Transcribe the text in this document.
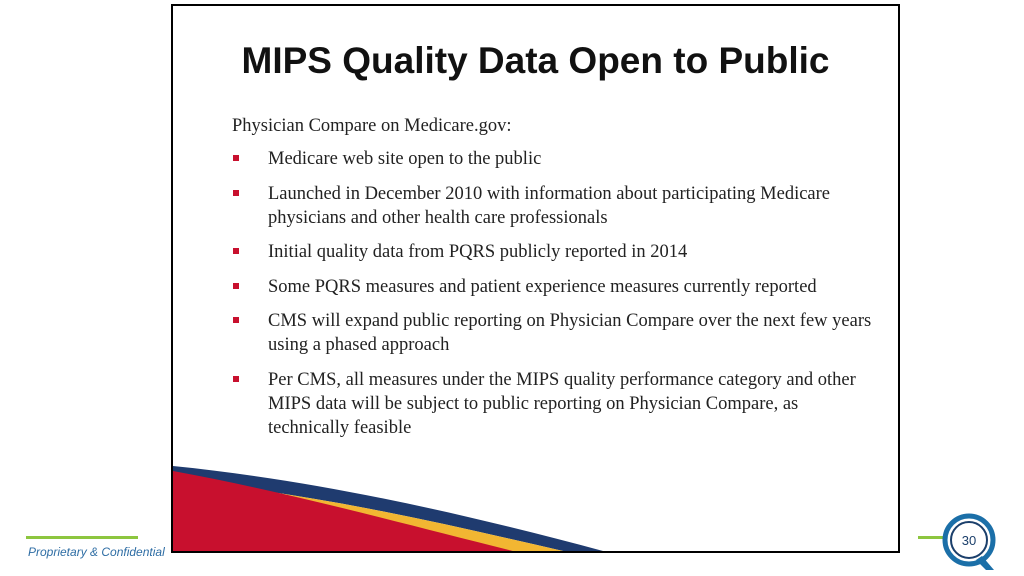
Proprietary & Confidential
30
MIPS Quality Data Open to Public
Physician Compare on Medicare.gov:
Medicare web site open to the public
Launched in December 2010 with information about participating Medicare physicians and other health care professionals
Initial quality data from PQRS publicly reported in 2014
Some PQRS measures and patient experience measures currently reported
CMS will expand public reporting on Physician Compare over the next few years using a phased approach
Per CMS, all measures under the MIPS quality performance category and other MIPS data will be subject to public reporting on Physician Compare, as technically feasible
